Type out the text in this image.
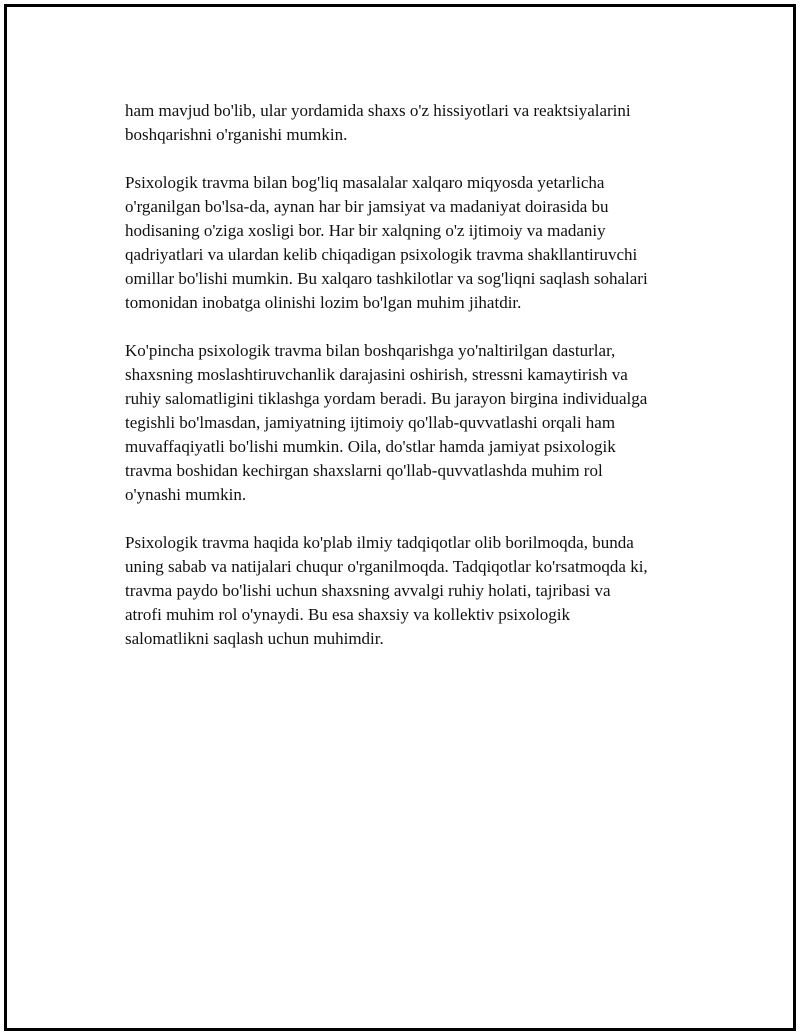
ham mavjud bo'lib, ular yordamida shaxs o'z hissiyotlari va reaktsiyalarini
boshqarishni o'rganishi mumkin.

Psixologik travma bilan bog'liq masalalar xalqaro miqyosda yetarlicha
o'rganilgan bo'lsa-da, aynan har bir jamsiyat va madaniyat doirasida bu
hodisaning o'ziga xosligi bor. Har bir xalqning o'z ijtimoiy va madaniy
qadriyatlari va ulardan kelib chiqadigan psixologik travma shakllantiruvchi
omillar bo'lishi mumkin. Bu xalqaro tashkilotlar va sog'liqni saqlash sohalari
tomonidan inobatga olinishi lozim bo'lgan muhim jihatdir.

Ko'pincha psixologik travma bilan boshqarishga yo'naltirilgan dasturlar,
shaxsning moslashtiruvchanlik darajasini oshirish, stressni kamaytirish va
ruhiy salomatligini tiklashga yordam beradi. Bu jarayon birgina individualga
tegishli bo'lmasdan, jamiyatning ijtimoiy qo'llab-quvvatlashi orqali ham
muvaffaqiyatli bo'lishi mumkin. Oila, do'stlar hamda jamiyat psixologik
travma boshidan kechirgan shaxslarni qo'llab-quvvatlashda muhim rol
o'ynashi mumkin.

Psixologik travma haqida ko'plab ilmiy tadqiqotlar olib borilmoqda, bunda
uning sabab va natijalari chuqur o'rganilmoqda. Tadqiqotlar ko'rsatmoqda ki,
travma paydo bo'lishi uchun shaxsning avvalgi ruhiy holati, tajribasi va
atrofi muhim rol o'ynaydi. Bu esa shaxsiy va kollektiv psixologik
salomatlikni saqlash uchun muhimdir.
